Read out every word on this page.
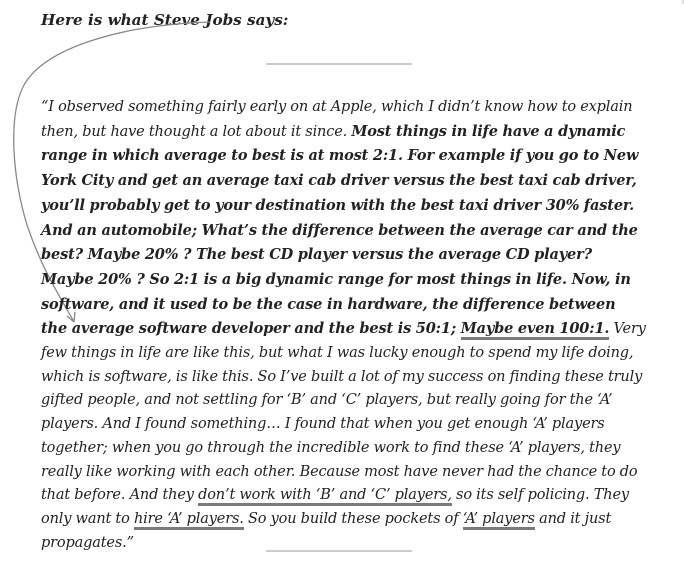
Here is what Steve Jobs says:

“I observed something fairly early on at Apple, which I didn’t know how to explain then, but have thought a lot about it since. Most things in life have a dynamic range in which average to best is at most 2:1. For example if you go to New York City and get an average taxi cab driver versus the best taxi cab driver, you’ll probably get to your destination with the best taxi driver 30% faster. And an automobile; What’s the difference between the average car and the best? Maybe 20% ? The best CD player versus the average CD player? Maybe 20% ? So 2:1 is a big dynamic range for most things in life. Now, in software, and it used to be the case in hardware, the difference between the average software developer and the best is 50:1; Maybe even 100:1. Very few things in life are like this, but what I was lucky enough to spend my life doing, which is software, is like this. So I’ve built a lot of my success on finding these truly gifted people, and not settling for ‘B’ and ‘C’ players, but really going for the ‘A’ players. And I found something… I found that when you get enough ‘A’ players together; when you go through the incredible work to find these ‘A’ players, they really like working with each other. Because most have never had the chance to do that before. And they don’t work with ‘B’ and ‘C’ players, so its self policing. They only want to hire ‘A’ players. So you build these pockets of ‘A’ players and it just propagates.”
